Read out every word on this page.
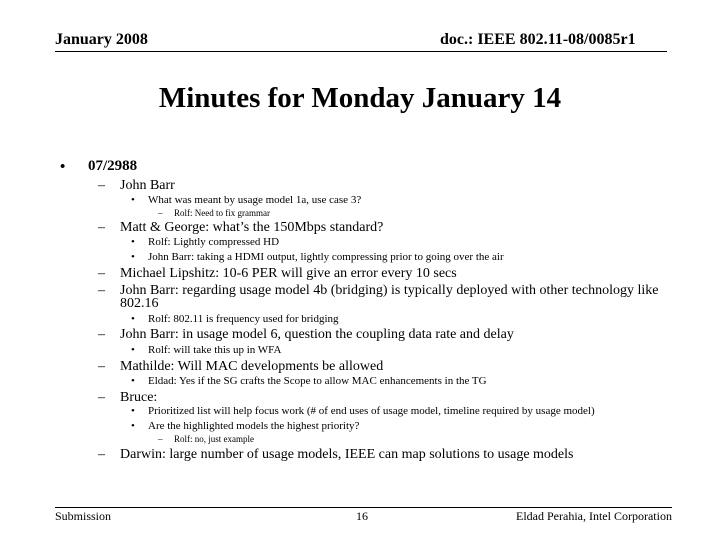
January 2008	doc.: IEEE 802.11-08/0085r1
Minutes for Monday January 14
• 07/2988
– John Barr
• What was meant by usage model 1a, use case 3?
– Rolf: Need to fix grammar
– Matt & George: what’s the 150Mbps standard?
• Rolf: Lightly compressed HD
• John Barr: taking a HDMI output, lightly compressing prior to going over the air
– Michael Lipshitz: 10-6 PER will give an error every 10 secs
– John Barr: regarding usage model 4b (bridging) is typically deployed with other technology like
802.16
• Rolf: 802.11 is frequency used for bridging
– John Barr: in usage model 6, question the coupling data rate and delay
• Rolf: will take this up in WFA
– Mathilde: Will MAC developments be allowed
• Eldad: Yes if the SG crafts the Scope to allow MAC enhancements in the TG
– Bruce:
• Prioritized list will help focus work (# of end uses of usage model, timeline required by usage model)
• Are the highlighted models the highest priority?
– Rolf: no, just example
– Darwin: large number of usage models, IEEE can map solutions to usage models
Submission	16	Eldad Perahia, Intel Corporation
